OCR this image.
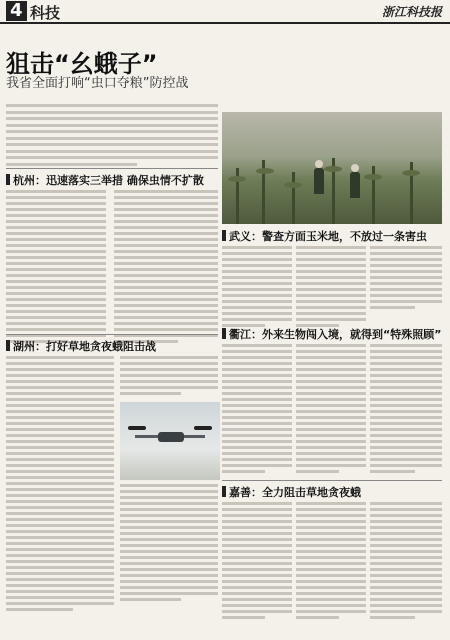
4 科技	浙江科技报
狙击“幺蛾子”
我省全面打响“虫口夺粮”防控战
杭州：迅速落实三举措 确保虫情不扩散
武义：警查方面玉米地，不放过一条害虫
湖州：打好草地贪夜蛾阻击战
衢江：外来生物闯入境，就得到“特殊照顾”
嘉善：全力阻击草地贪夜蛾
